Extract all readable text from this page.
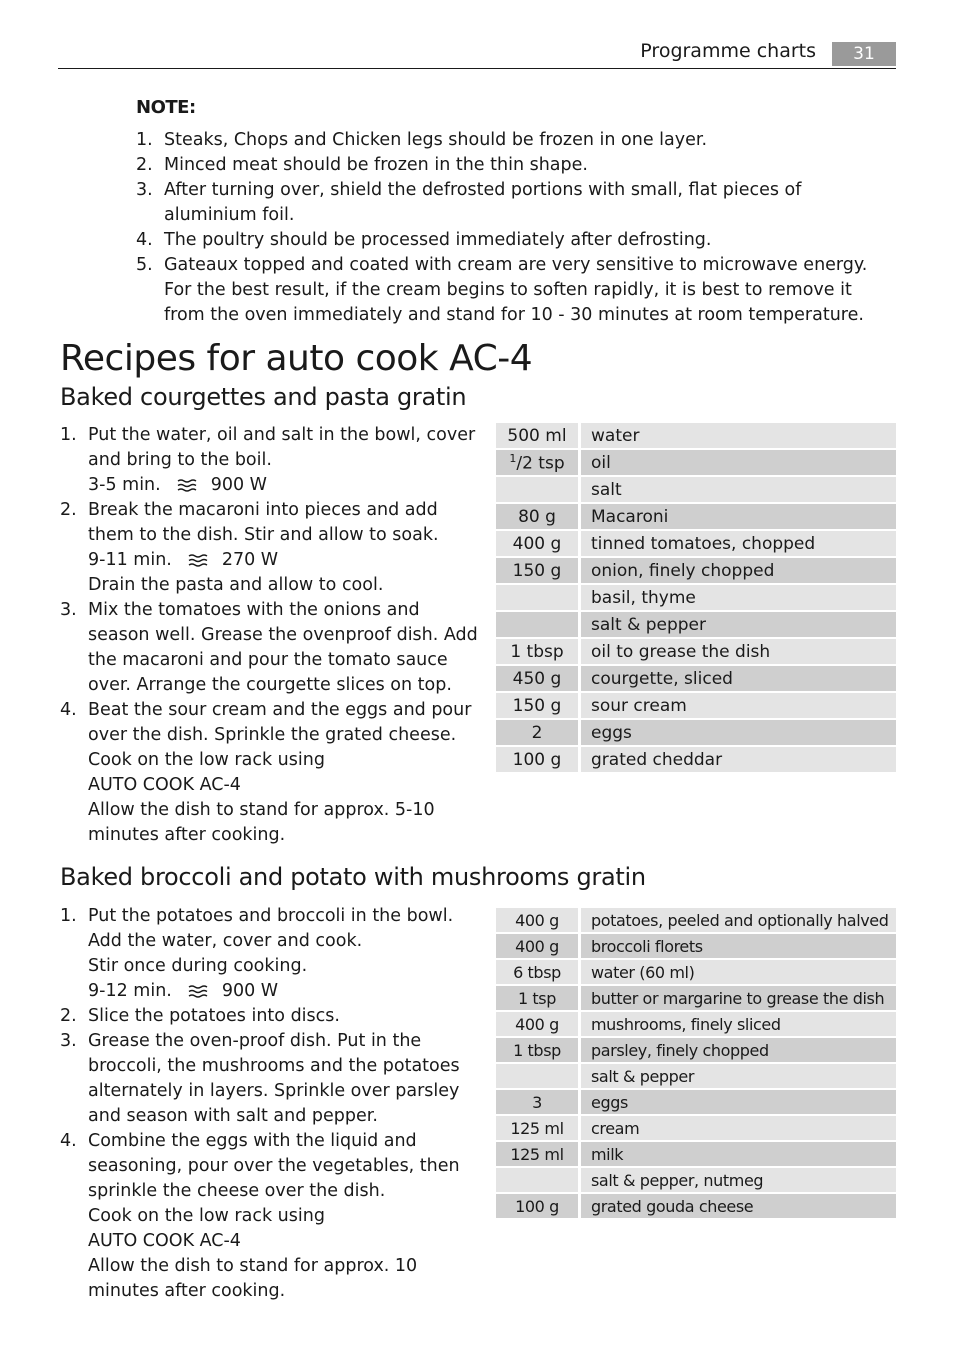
Programme charts	31
NOTE:
1. Steaks, Chops and Chicken legs should be frozen in one layer.
2. Minced meat should be frozen in the thin shape.
3. After turning over, shield the defrosted portions with small, flat pieces of aluminium foil.
4. The poultry should be processed immediately after defrosting.
5. Gateaux topped and coated with cream are very sensitive to microwave energy. For the best result, if the cream begins to soften rapidly, it is best to remove it from the oven immediately and stand for 10 - 30 minutes at room temperature.
Recipes for auto cook AC-4
Baked courgettes and pasta gratin
1. Put the water, oil and salt in the bowl, cover and bring to the boil.
3-5 min.	900 W
2. Break the macaroni into pieces and add them to the dish. Stir and allow to soak.
9-11 min.	270 W
Drain the pasta and allow to cool.
3. Mix the tomatoes with the onions and season well. Grease the ovenproof dish. Add the macaroni and pour the tomato sauce over. Arrange the courgette slices on top.
4. Beat the sour cream and the eggs and pour over the dish. Sprinkle the grated cheese.
Cook on the low rack using
AUTO COOK AC-4
Allow the dish to stand for approx. 5-10 minutes after cooking.
500 ml	water
$^1$/2 tsp	oil
	salt
80 g	Macaroni
400 g	tinned tomatoes, chopped
150 g	onion, finely chopped
	basil, thyme
	salt & pepper
1 tbsp	oil to grease the dish
450 g	courgette, sliced
150 g	sour cream
2	eggs
100 g	grated cheddar
Baked broccoli and potato with mushrooms gratin
1. Put the potatoes and broccoli in the bowl. Add the water, cover and cook.
Stir once during cooking.
9-12 min.	900 W
2. Slice the potatoes into discs.
3. Grease the oven-proof dish. Put in the broccoli, the mushrooms and the potatoes alternately in layers. Sprinkle over parsley and season with salt and pepper.
4. Combine the eggs with the liquid and seasoning, pour over the vegetables, then sprinkle the cheese over the dish.
Cook on the low rack using
AUTO COOK AC-4
Allow the dish to stand for approx. 10 minutes after cooking.
400 g	potatoes, peeled and optionally halved
400 g	broccoli florets
6 tbsp	water (60 ml)
1 tsp	butter or margarine to grease the dish
400 g	mushrooms, finely sliced
1 tbsp	parsley, finely chopped
	salt & pepper
3	eggs
125 ml	cream
125 ml	milk
	salt & pepper, nutmeg
100 g	grated gouda cheese
